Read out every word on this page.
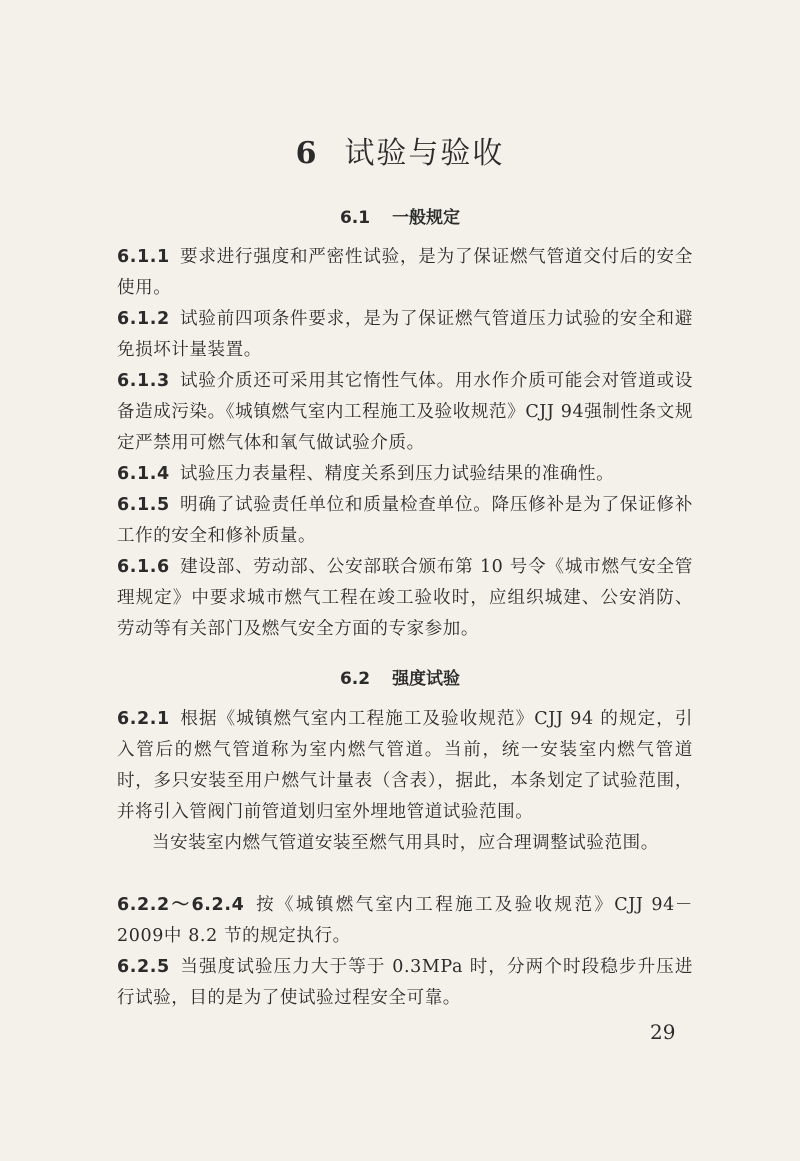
6 试验与验收
6.1 一般规定
6.1.1 要求进行强度和严密性试验，是为了保证燃气管道交付后的安全使用。
6.1.2 试验前四项条件要求，是为了保证燃气管道压力试验的安全和避免损坏计量装置。
6.1.3 试验介质还可采用其它惰性气体。用水作介质可能会对管道或设备造成污染。《城镇燃气室内工程施工及验收规范》CJJ 94强制性条文规定严禁用可燃气体和氧气做试验介质。
6.1.4 试验压力表量程、精度关系到压力试验结果的准确性。
6.1.5 明确了试验责任单位和质量检查单位。降压修补是为了保证修补工作的安全和修补质量。
6.1.6 建设部、劳动部、公安部联合颁布第 10 号令《城市燃气安全管理规定》中要求城市燃气工程在竣工验收时，应组织城建、公安消防、劳动等有关部门及燃气安全方面的专家参加。
6.2 强度试验
6.2.1 根据《城镇燃气室内工程施工及验收规范》CJJ 94 的规定，引入管后的燃气管道称为室内燃气管道。当前，统一安装室内燃气管道时，多只安装至用户燃气计量表（含表），据此，本条划定了试验范围，并将引入管阀门前管道划归室外埋地管道试验范围。
当安装室内燃气管道安装至燃气用具时，应合理调整试验范围。
6.2.2～6.2.4 按《城镇燃气室内工程施工及验收规范》CJJ 94－2009中 8.2 节的规定执行。
6.2.5 当强度试验压力大于等于 0.3MPa 时，分两个时段稳步升压进行试验，目的是为了使试验过程安全可靠。
29
